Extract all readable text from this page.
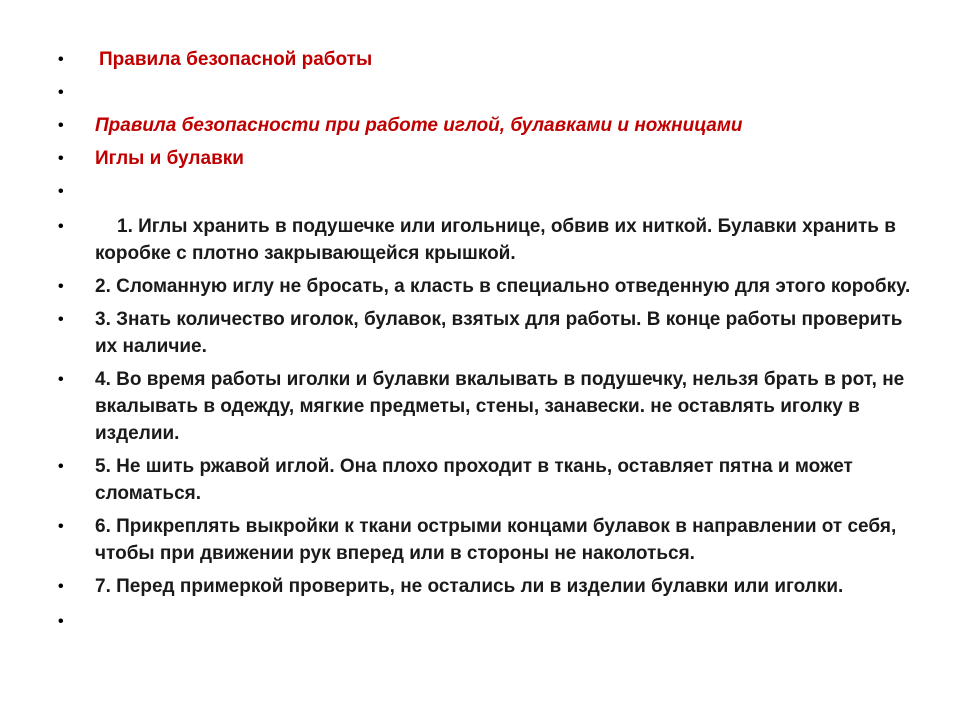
•	Правила безопасной работы
•
•	Правила безопасности при работе иглой, булавками и ножницами
•	Иглы и булавки
•
•	1. Иглы хранить в подушечке или игольнице, обвив их ниткой. Булавки хранить в коробке с плотно закрывающейся крышкой.
•	2. Сломанную иглу не бросать, а класть в специально отведенную для этого коробку.
•	3. Знать количество иголок, булавок, взятых для работы. В конце работы проверить их наличие.
•	4. Во время работы иголки и булавки вкалывать в подушечку, нельзя брать в рот, не вкалывать в одежду, мягкие предметы, стены, занавески. не оставлять иголку в изделии.
•	5. Не шить ржавой иглой. Она плохо проходит в ткань, оставляет пятна и может сломаться.
•	6. Прикреплять выкройки к ткани острыми концами булавок в направлении от себя, чтобы при движении рук вперед или в стороны не наколоться.
•	7. Перед примеркой проверить, не остались ли в изделии булавки или иголки.
•
